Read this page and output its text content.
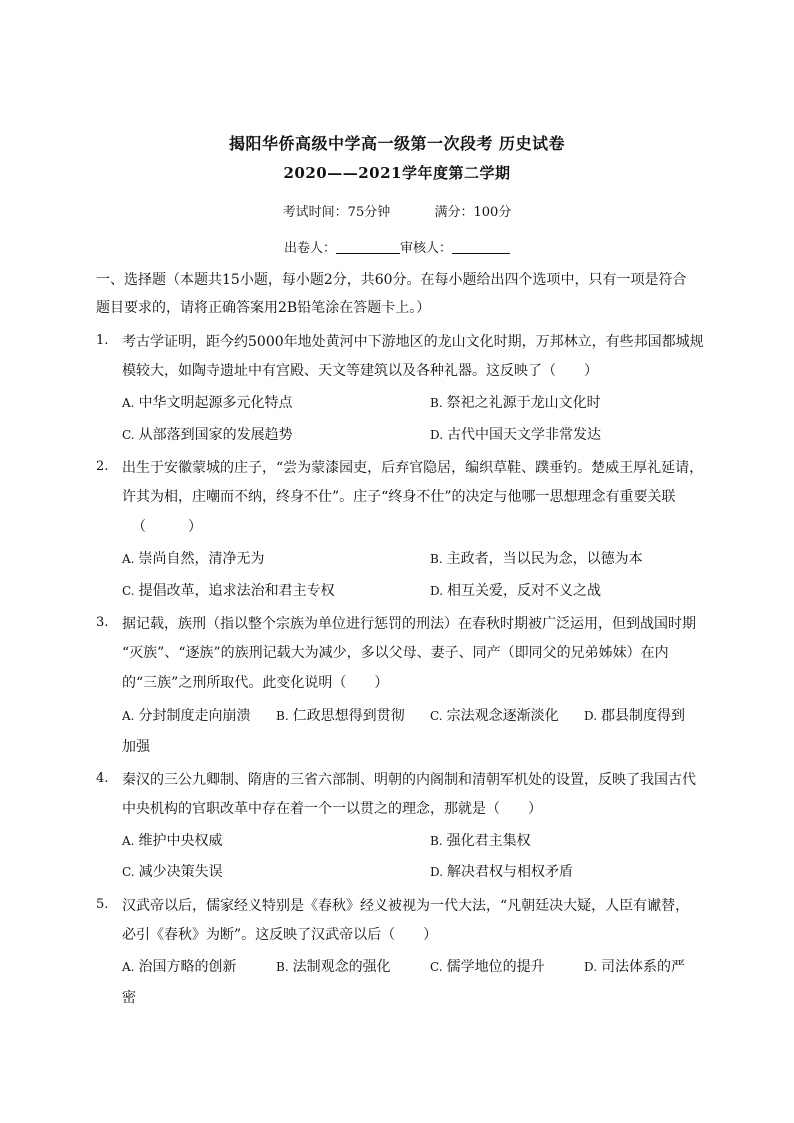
揭阳华侨高级中学高一级第一次段考 历史试卷
2020——2021学年度第二学期
考试时间：75分钟	满分：100分
出卷人：	审核人：
一、选择题（本题共15小题，每小题2分，共60分。在每小题给出四个选项中，只有一项是符合
题目要求的，请将正确答案用2B铅笔涂在答题卡上。）
1. 考古学证明，距今约5000年地处黄河中下游地区的龙山文化时期，万邦林立，有些邦国都城规
模较大，如陶寺遗址中有宫殿、天文等建筑以及各种礼器。这反映了（　　）
A. 中华文明起源多元化特点	B. 祭祀之礼源于龙山文化时
C. 从部落到国家的发展趋势	D. 古代中国天文学非常发达
2. 出生于安徽蒙城的庄子，“尝为蒙漆园吏，后弃官隐居，编织草鞋、蹼垂钓。楚威王厚礼延请，
许其为相，庄嘲而不纳，终身不仕”。庄子“终身不仕”的决定与他哪一思想理念有重要关联
（　　　）
A. 崇尚自然，清净无为	B. 主政者，当以民为念，以德为本
C. 提倡改革，追求法治和君主专权	D. 相互关爱，反对不义之战
3. 据记载，族刑（指以整个宗族为单位进行惩罚的刑法）在春秋时期被广泛运用，但到战国时期
“灭族”、“逐族”的族刑记载大为减少，多以父母、妻子、同产（即同父的兄弟姊妹）在内
的“三族”之刑所取代。此变化说明（　　）
A. 分封制度走向崩溃 B. 仁政思想得到贯彻 C. 宗法观念逐渐淡化 D. 郡县制度得到
加强
4. 秦汉的三公九卿制、隋唐的三省六部制、明朝的内阁制和清朝军机处的设置，反映了我国古代
中央机构的官职改革中存在着一个一以贯之的理念，那就是（　　）
A. 维护中央权威	B. 强化君主集权
C. 减少决策失误	D. 解决君权与相权矛盾
5. 汉武帝以后，儒家经义特别是《春秋》经义被视为一代大法，“凡朝廷决大疑，人臣有谳替，
必引《春秋》为断”。这反映了汉武帝以后（　　）
A. 治国方略的创新	B. 法制观念的强化	C. 儒学地位的提升	D. 司法体系的严
密
